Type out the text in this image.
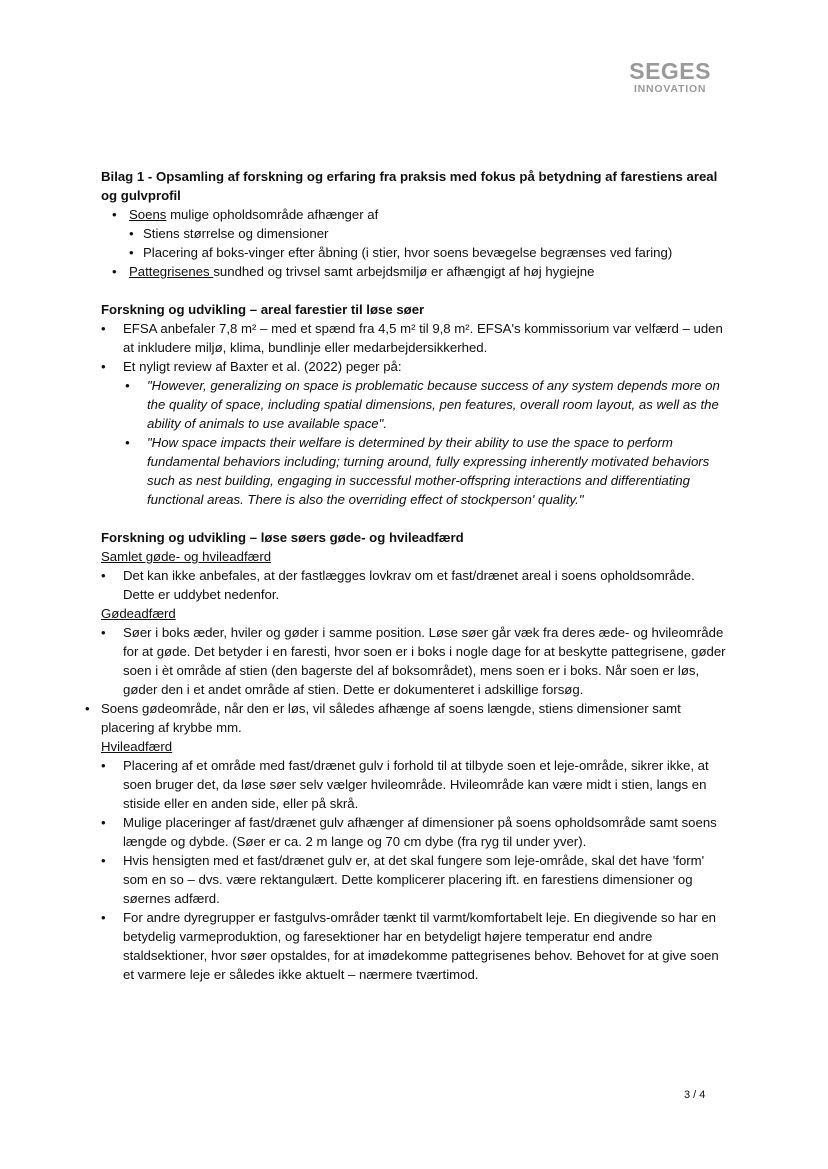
SEGES
INNOVATION

Bilag 1 - Opsamling af forskning og erfaring fra praksis med fokus på betydning af farestiens areal og gulvprofil

• Soens mulige opholdsområde afhænger af
• Stiens størrelse og dimensioner
• Placering af boks-vinger efter åbning (i stier, hvor soens bevægelse begrænses ved faring)
• Pattegrisenes sundhed og trivsel samt arbejdsmiljø er afhængigt af høj hygiejne

Forskning og udvikling – areal farestier til løse søer

• EFSA anbefaler 7,8 m² – med et spænd fra 4,5 m² til 9,8 m². EFSA's kommissorium var velfærd – uden at inkludere miljø, klima, bundlinje eller medarbejdersikkerhed.
• Et nyligt review af Baxter et al. (2022) peger på:
• "However, generalizing on space is problematic because success of any system depends more on the quality of space, including spatial dimensions, pen features, overall room layout, as well as the ability of animals to use available space".
• "How space impacts their welfare is determined by their ability to use the space to perform fundamental behaviors including; turning around, fully expressing inherently motivated behaviors such as nest building, engaging in successful mother-offspring interactions and differentiating functional areas. There is also the overriding effect of stockperson' quality."

Forskning og udvikling – løse søers gøde- og hvileadfærd

Samlet gøde- og hvileadfærd
• Det kan ikke anbefales, at der fastlægges lovkrav om et fast/drænet areal i soens opholdsområde. Dette er uddybet nedenfor.
Gødeadfærd
• Søer i boks æder, hviler og gøder i samme position. Løse søer går væk fra deres æde- og hvileområde for at gøde. Det betyder i en faresti, hvor soen er i boks i nogle dage for at beskytte pattegrisene, gøder soen i èt område af stien (den bagerste del af boksområdet), mens soen er i boks. Når soen er løs, gøder den i et andet område af stien. Dette er dokumenteret i adskillige forsøg.
• Soens gødeområde, når den er løs, vil således afhænge af soens længde, stiens dimensioner samt placering af krybbe mm.
Hvileadfærd
• Placering af et område med fast/drænet gulv i forhold til at tilbyde soen et leje-område, sikrer ikke, at soen bruger det, da løse søer selv vælger hvileområde. Hvileområde kan være midt i stien, langs en stiside eller en anden side, eller på skrå.
• Mulige placeringer af fast/drænet gulv afhænger af dimensioner på soens opholdsområde samt soens længde og dybde. (Søer er ca. 2 m lange og 70 cm dybe (fra ryg til under yver).
• Hvis hensigten med et fast/drænet gulv er, at det skal fungere som leje-område, skal det have 'form' som en so – dvs. være rektangulært. Dette komplicerer placering ift. en farestiens dimensioner og søernes adfærd.
• For andre dyregrupper er fastgulvs-områder tænkt til varmt/komfortabelt leje. En diegivende so har en betydelig varmeproduktion, og faresektioner har en betydeligt højere temperatur end andre staldsektioner, hvor søer opstaldes, for at imødekomme pattegrisenes behov. Behovet for at give soen et varmere leje er således ikke aktuelt – nærmere tværtimod.
3 / 4
